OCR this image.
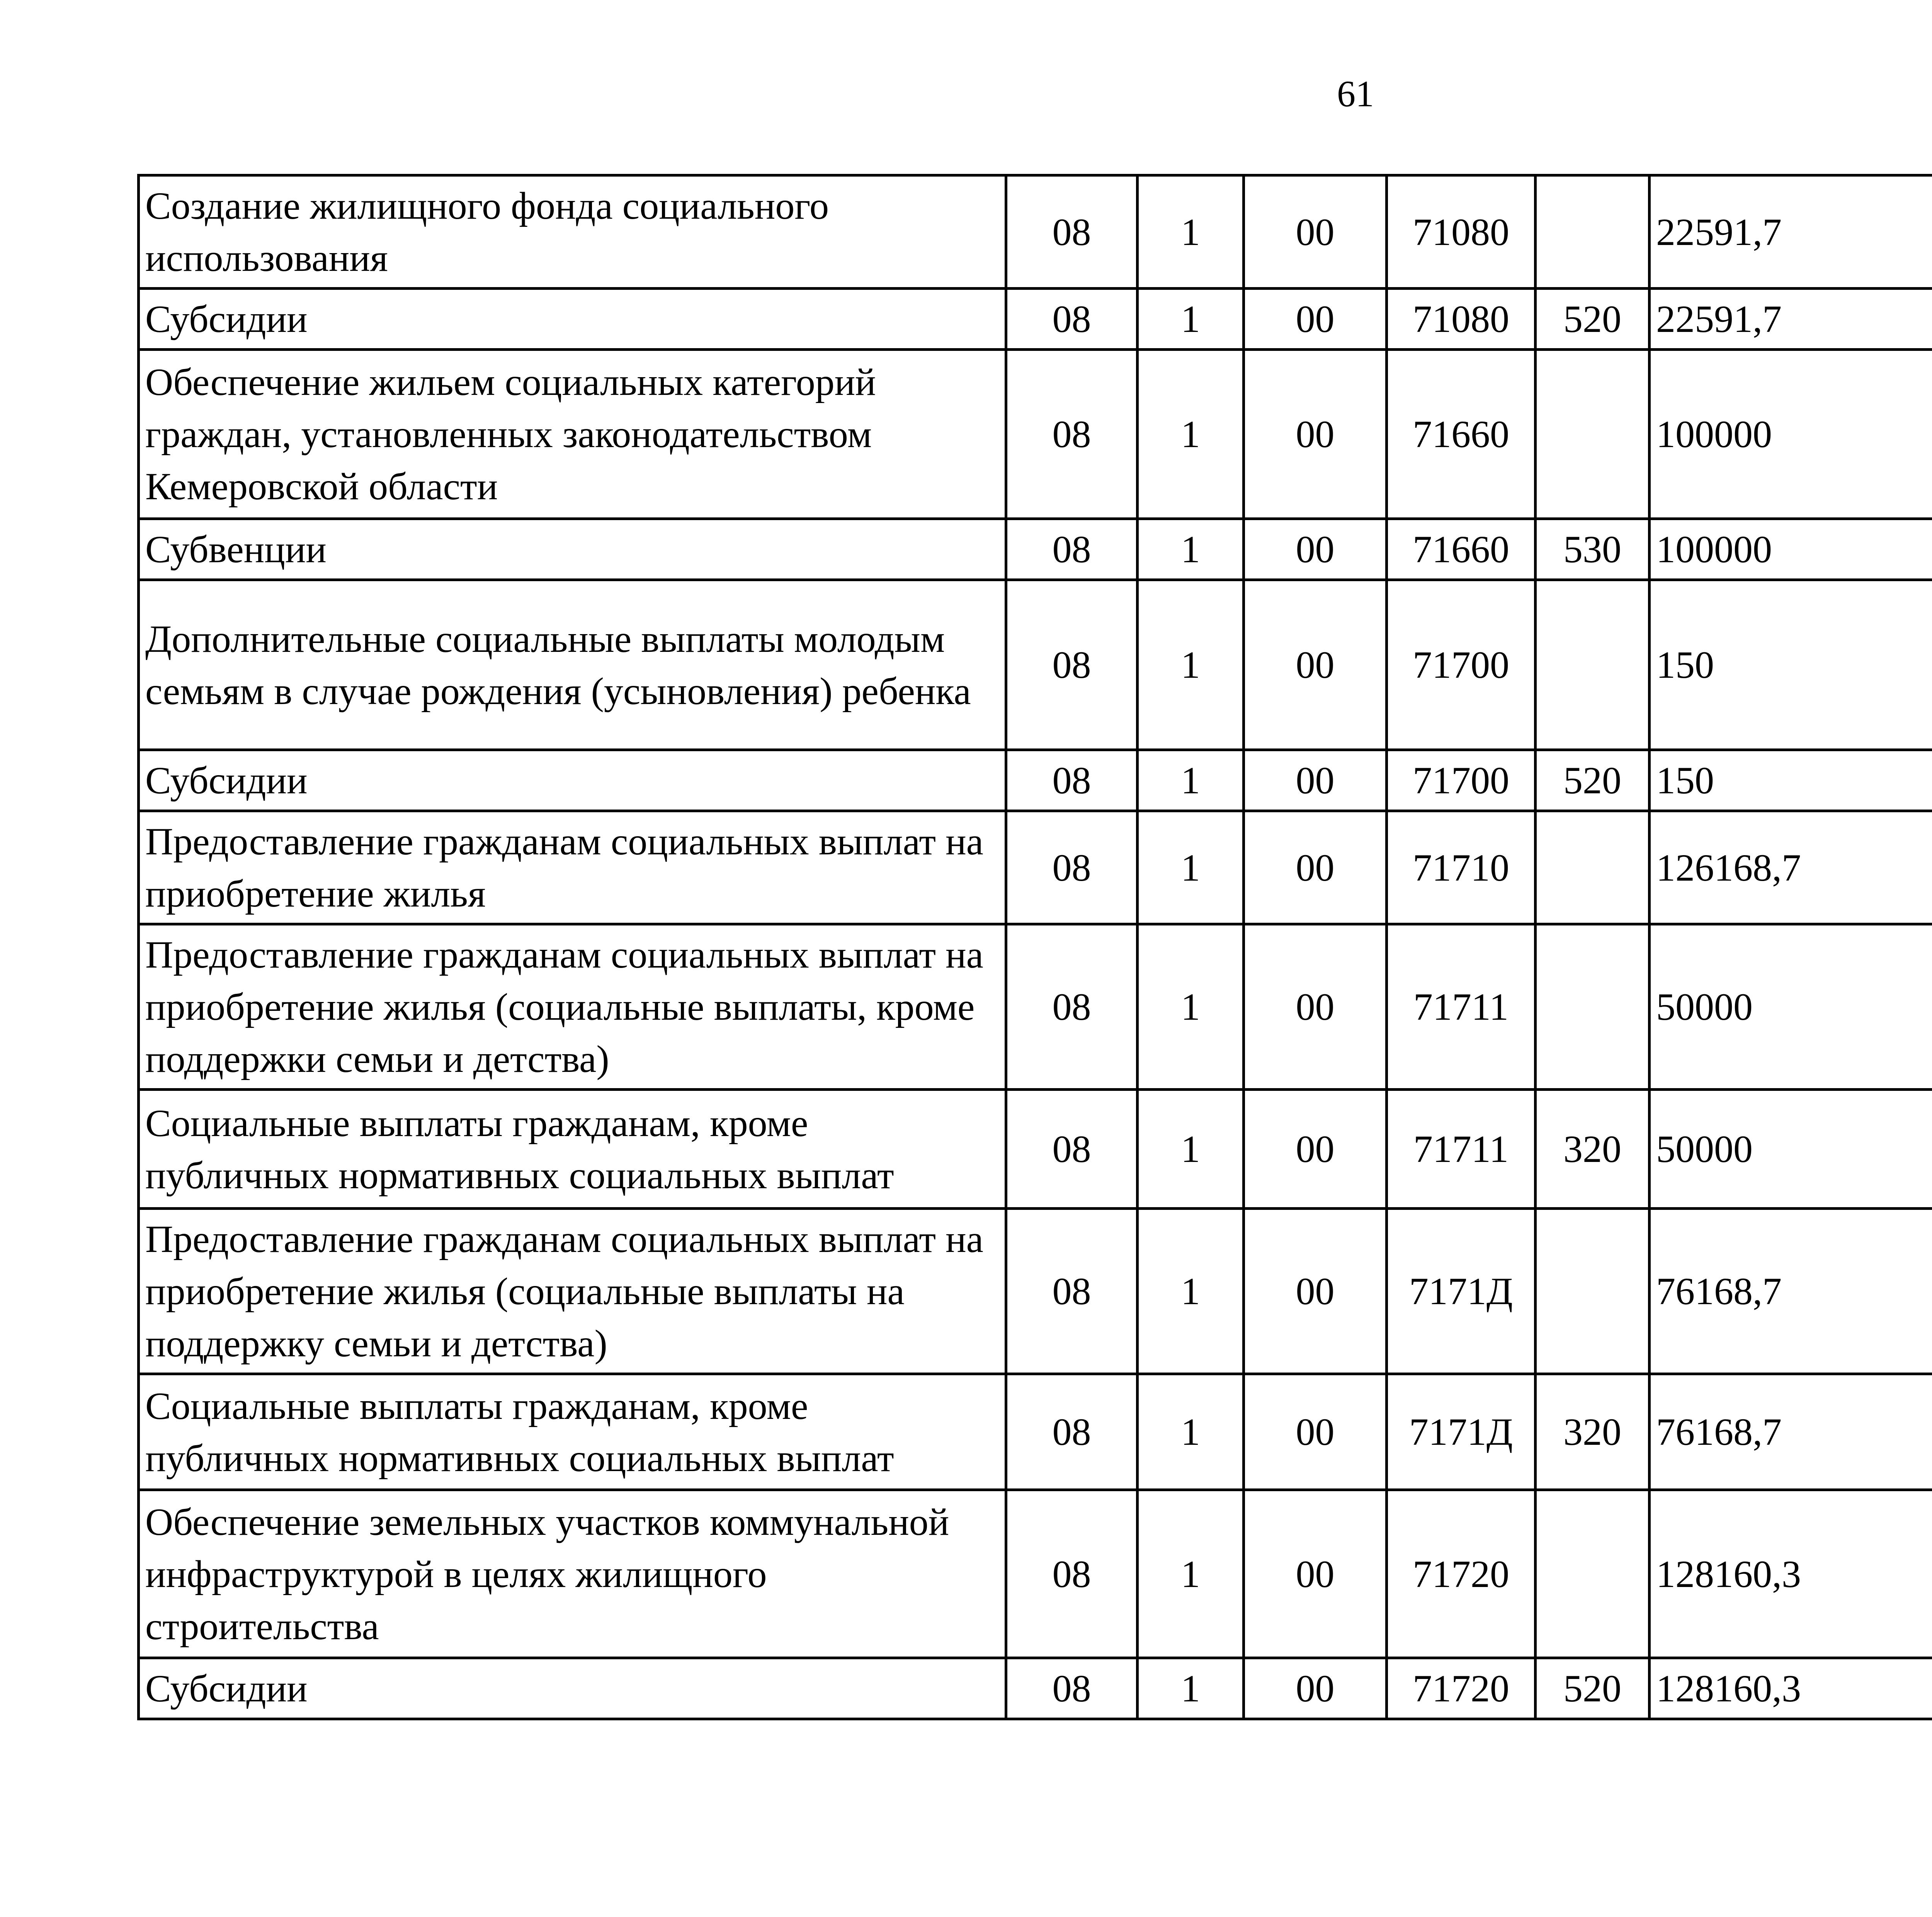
61
Создание жилищного фонда социального использования	08	1	00	71080		22591,7		
Субсидии	08	1	00	71080	520	22591,7		
Обеспечение жильем социальных категорий граждан, установленных законодательством Кемеровской области	08	1	00	71660		100000		
Субвенции	08	1	00	71660	530	100000		
Дополнительные социальные выплаты молодым семьям в случае рождения (усыновления) ребенка	08	1	00	71700		150		
Субсидии	08	1	00	71700	520	150		
Предоставление гражданам социальных выплат на приобретение жилья	08	1	00	71710		126168,7		
Предоставление гражданам социальных выплат на приобретение жилья (социальные выплаты, кроме поддержки семьи и детства)	08	1	00	71711		50000		
Социальные выплаты гражданам, кроме публичных нормативных социальных выплат	08	1	00	71711	320	50000		
Предоставление гражданам социальных выплат на приобретение жилья (социальные выплаты на поддержку семьи и детства)	08	1	00	7171Д		76168,7		
Социальные выплаты гражданам, кроме публичных нормативных социальных выплат	08	1	00	7171Д	320	76168,7		
Обеспечение земельных участков коммунальной инфраструктурой в целях жилищного строительства	08	1	00	71720		128160,3		
Субсидии	08	1	00	71720	520	128160,3		
